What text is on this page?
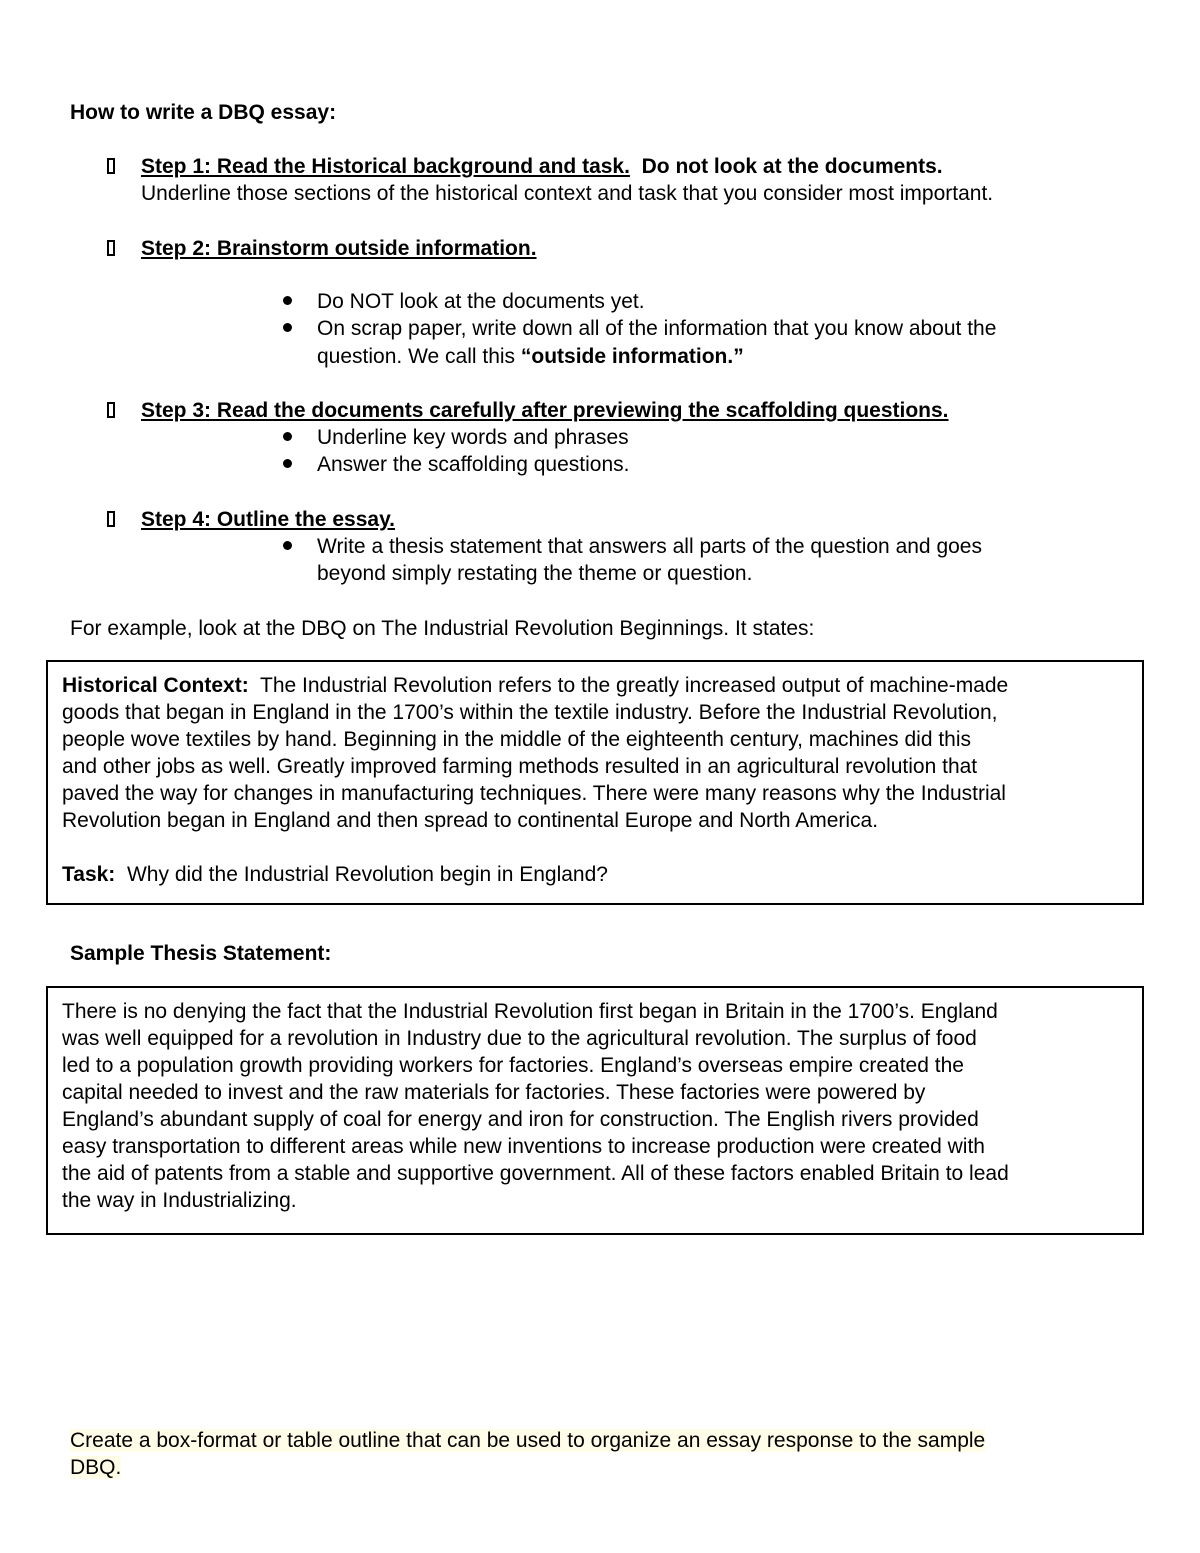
How to write a DBQ essay:
Step 1: Read the Historical background and task.  Do not look at the documents.
Underline those sections of the historical context and task that you consider most important.
Step 2: Brainstorm outside information.
Do NOT look at the documents yet.
On scrap paper, write down all of the information that you know about the
question. We call this “outside information.”
Step 3: Read the documents carefully after previewing the scaffolding questions.
Underline key words and phrases
Answer the scaffolding questions.
Step 4: Outline the essay.
Write a thesis statement that answers all parts of the question and goes
beyond simply restating the theme or question.
For example, look at the DBQ on The Industrial Revolution Beginnings. It states:
Historical Context:  The Industrial Revolution refers to the greatly increased output of machine-made
goods that began in England in the 1700’s within the textile industry. Before the Industrial Revolution,
people wove textiles by hand. Beginning in the middle of the eighteenth century, machines did this
and other jobs as well. Greatly improved farming methods resulted in an agricultural revolution that
paved the way for changes in manufacturing techniques. There were many reasons why the Industrial
Revolution began in England and then spread to continental Europe and North America.
Task:  Why did the Industrial Revolution begin in England?
Sample Thesis Statement:
There is no denying the fact that the Industrial Revolution first began in Britain in the 1700’s. England
was well equipped for a revolution in Industry due to the agricultural revolution. The surplus of food
led to a population growth providing workers for factories. England’s overseas empire created the
capital needed to invest and the raw materials for factories. These factories were powered by
England’s abundant supply of coal for energy and iron for construction. The English rivers provided
easy transportation to different areas while new inventions to increase production were created with
the aid of patents from a stable and supportive government. All of these factors enabled Britain to lead
the way in Industrializing.
Create a box-format or table outline that can be used to organize an essay response to the sample
DBQ.
